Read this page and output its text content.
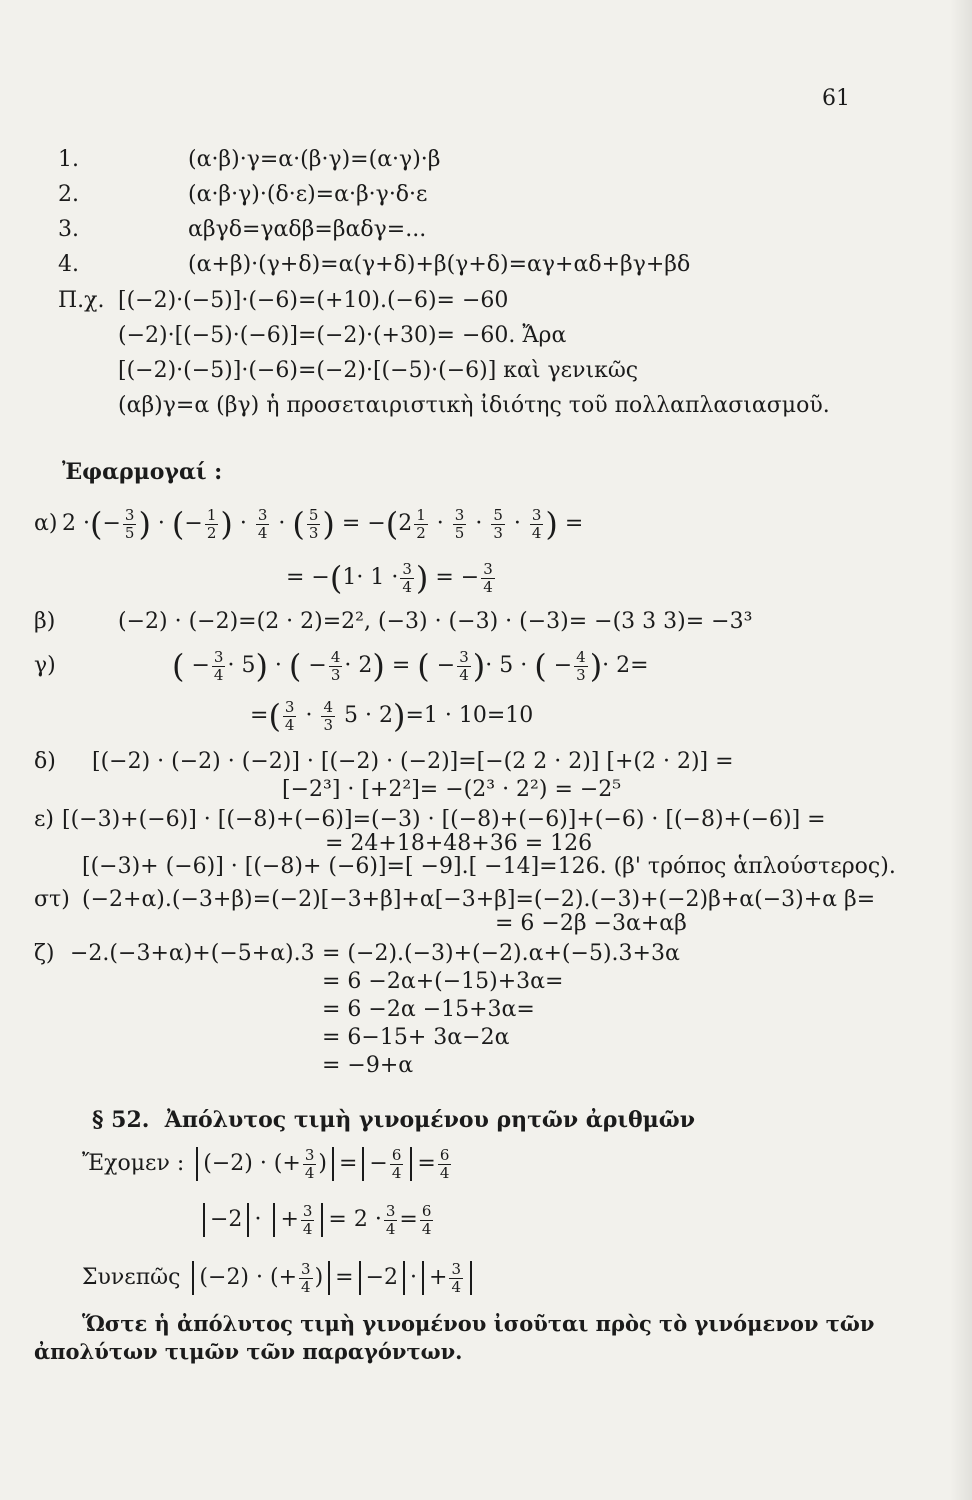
61
1.	(α·β)·γ=α·(β·γ)=(α·γ)·β
2.	(α·β·γ)·(δ·ε)=α·β·γ·δ·ε
3.	αβγδ=γαδβ=βαδγ=...
4.	(α+β)·(γ+δ)=α(γ+δ)+β(γ+δ)=αγ+αδ+βγ+βδ
Π.χ. [(−2)·(−5)]·(−6)=(+10).(−6)= −60
(−2)·[(−5)·(−6)]=(−2)·(+30)= −60. Ἄρα
[(−2)·(−5)]·(−6)=(−2)·[(−5)·(−6)] καὶ γενικῶς
(αβ)γ=α (βγ) ἡ προσεταιριστικὴ ἰδιότης τοῦ πολλαπλασιασμοῦ.
Ἐφαρμογαί :
α) 2 · ( − $\frac{3}{5}$ ) · ( − $\frac{1}{2}$ ) · $\frac{3}{4}$ · ( $\frac{5}{3}$ )
= − ( $2 \frac{1}{2} \cdot \frac{3}{5} \cdot \frac{5}{3} \cdot \frac{3}{4}$ ) =
= − ( $1\cdot 1 \cdot \frac{3}{4}$ )
= − $\frac{3}{4}$
β)	(−2) · (−2)=(2 · 2)=2², (−3) · (−3) · (−3)= −(3 3 3)= −3³
γ)	( − $\frac{3}{4} \cdot 5$ ) · ( − $\frac{4}{3} \cdot 2$ ) = ( − $\frac{3}{4}$ ) · 5 ·
( − $\frac{4}{3}$ ) · 2=
= ( $\frac{3}{4} \cdot \frac{4}{3}$
5 · 2 ) =1 · 10=10
δ) [(−2) · (−2) · (−2)] · [(−2) · (−2)]=[−(2 2 · 2)] [+(2 · 2)] =
[−2³] · [+2²]= −(2³ · 2²) = −2⁵
ε) [(−3)+(−6)] · [(−8)+(−6)]=(−3) · [(−8)+(−6)]+(−6) · [(−8)+(−6)] =
= 24+18+48+36 = 126
[(−3)+ (−6)] · [(−8)+ (−6)]=[ −9].[ −14]=126. (β' τρόπος ἁπλούστερος).
στ) (−2+α).(−3+β)=(−2)[−3+β]+α[−3+β]=(−2).(−3)+(−2)β+α(−3)+α β=
= 6 −2β −3α+αβ
ζ) −2.(−3+α)+(−5+α).3 = (−2).(−3)+(−2).α+(−5).3+3α
= 6 −2α+(−15)+3α=
= 6 −2α −15+3α=
= 6−15+ 3α−2α
= −9+α
§ 52. Ἀπόλυτος τιμὴ γινομένου ρητῶν ἀριθμῶν
Ἔχομεν :
(−2) · (+ $\frac{3}{4}$ ) = − $\frac{6}{4} = \frac{6}{4}$
−2 ·
+ $\frac{3}{4} = 2 \cdot \frac{3}{4} = \frac{6}{4}$
Συνεπῶς
(−2) · (+ $\frac{3}{4}$ ) = −2 · + $\frac{3}{4}$
Ὥστε ἡ ἀπόλυτος τιμὴ γινομένου ἰσοῦται πρὸς τὸ γινόμενον τῶν
ἀπολύτων τιμῶν τῶν παραγόντων.
